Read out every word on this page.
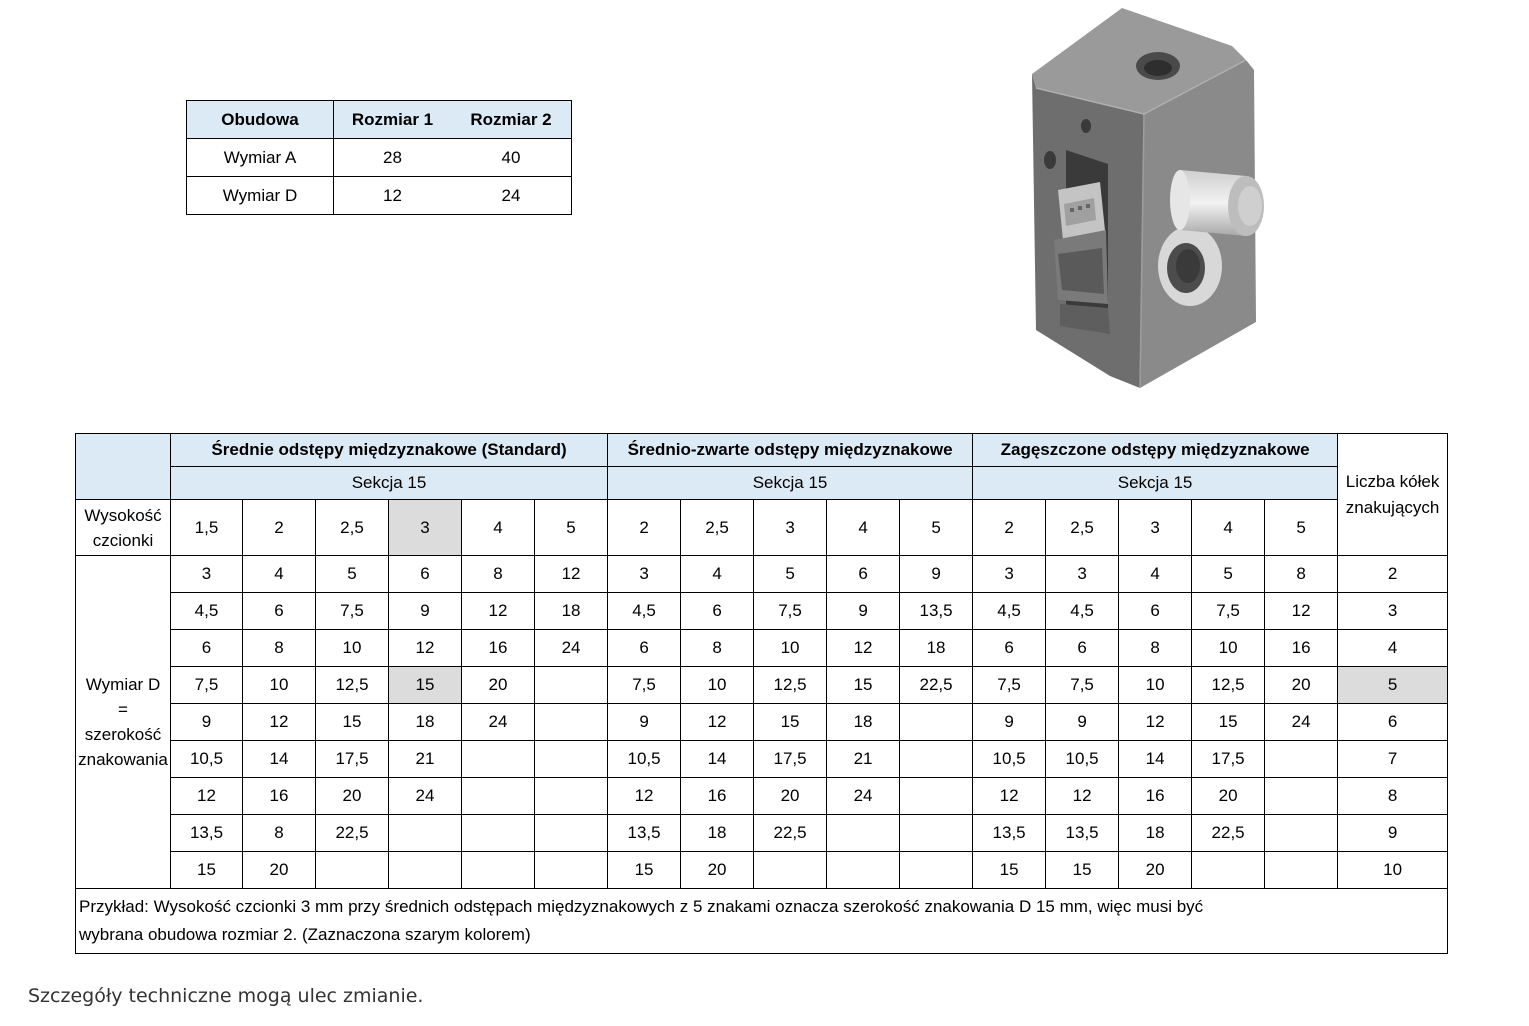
Obudowa	Rozmiar 1	Rozmiar 2
Wymiar A	28	40
Wymiar D	12	24
	Średnie odstępy międzyznakowe (Standard)						Średnio-zwarte odstępy międzyznakowe					Zagęszczone odstępy międzyznakowe					Liczba kółek
znakujących
	Sekcja 15						Sekcja 15					Sekcja 15					
Wysokość
czcionki	1,5	2	2,5	3	4	5	2	2,5	3	4	5	2	2,5	3	4	5	
Wymiar D
=
szerokość
znakowania	3	4	5	6	8	12	3	4	5	6	9	3	3	4	5	8	2
	4,5	6	7,5	9	12	18	4,5	6	7,5	9	13,5	4,5	4,5	6	7,5	12	3
	6	8	10	12	16	24	6	8	10	12	18	6	6	8	10	16	4
	7,5	10	12,5	15	20		7,5	10	12,5	15	22,5	7,5	7,5	10	12,5	20	5
	9	12	15	18	24		9	12	15	18		9	9	12	15	24	6
	10,5	14	17,5	21			10,5	14	17,5	21		10,5	10,5	14	17,5		7
	12	16	20	24			12	16	20	24		12	12	16	20		8
	13,5	8	22,5				13,5	18	22,5			13,5	13,5	18	22,5		9
	15	20					15	20				15	15	20			10
Przykład: Wysokość czcionki 3 mm przy średnich odstępach międzyznakowych z 5 znakami oznacza szerokość znakowania D 15 mm, więc musi być
wybrana obudowa rozmiar 2. (Zaznaczona szarym kolorem)																	
Szczegóły techniczne mogą ulec zmianie.
